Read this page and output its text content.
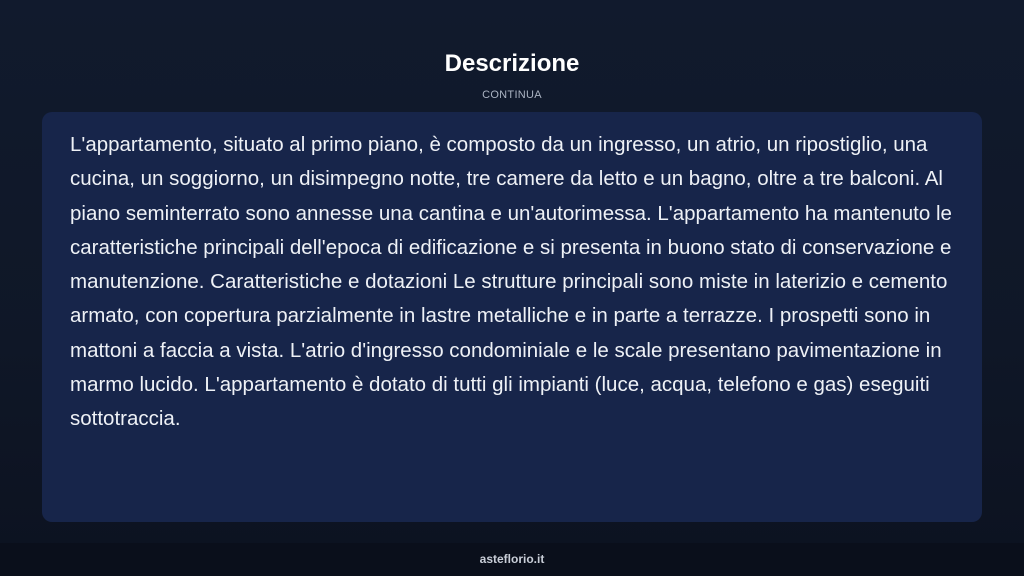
Descrizione
CONTINUA

L'appartamento, situato al primo piano, è composto da un ingresso, un atrio, un ripostiglio, una cucina, un soggiorno, un disimpegno notte, tre camere da letto e un bagno, oltre a tre balconi. Al piano seminterrato sono annesse una cantina e un'autorimessa. L'appartamento ha mantenuto le caratteristiche principali dell'epoca di edificazione e si presenta in buono stato di conservazione e manutenzione. Caratteristiche e dotazioni Le strutture principali sono miste in laterizio e cemento armato, con copertura parzialmente in lastre metalliche e in parte a terrazze. I prospetti sono in mattoni a faccia a vista. L'atrio d'ingresso condominiale e le scale presentano pavimentazione in marmo lucido. L'appartamento è dotato di tutti gli impianti (luce, acqua, telefono e gas) eseguiti sottotraccia.

asteflorio.it
